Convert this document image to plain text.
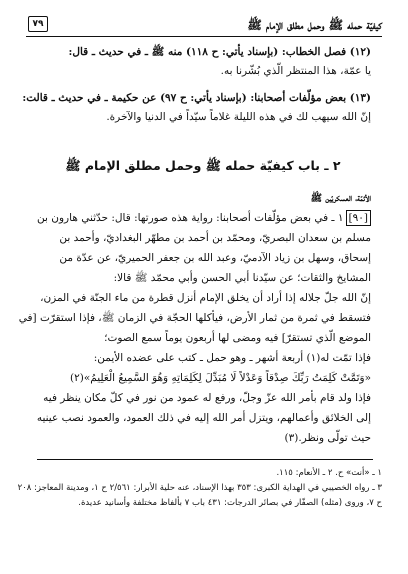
كيفيّة حمله ﷺ وحمل مطلق الإمام ﷺ
٧٩
(١٢) فصل الخطاب: (بإسناد يأتي: ح ١١٨) منه ﷺ ـ في حديث ـ قال:
يا عمّة، هذا المنتظر الّذي بُشّرنا به.
(١٣) بعض مؤلّفات أصحابنا: (بإسناد يأتي: ح ٩٧) عن حكيمة ـ في حديث ـ قالت:
إنّ الله سيهب لك في هذه الليلة غلاماً سيّداً في الدنيا والآخرة.
٢ ـ باب كيفيّة حمله ﷺ وحمل مطلق الإمام ﷺ
الأئمّة، العسكريّين ﷺ
[٩٠]١ ـ في بعض مؤلّفات أصحابنا: رواية هذه صورتها: قال: حدّثني هارون بن
مسلم بن سعدان البصريّ، ومحمّد بن أحمد بن مطهّر البغداديّ، وأحمد بن
إسحاق، وسهل بن زياد الآدميّ، وعبد الله بن جعفر الحميريّ، عن عدّة من
المشايخ والثقات؛ عن سيّدنا أبي الحسن وأبي محمّد ﷺ قالا:
إنّ الله جلّ جلاله إذا أراد أن يخلق الإمام أنزل قطرة من ماء الجنّة في المزن،
فتسقط في ثمرة من ثمار الأرض، فيأكلها الحجّة في الزمان ﷺ، فإذا استقرّت [في
الموضع الّذي تستقرّ] فيه ومضى لها أربعون يوماً سمع الصوت؛
فإذا تمّت له(١) أربعة أشهر ـ وهو حمل ـ كتب على عضده الأيمن:
«وَتَمَّتْ كَلِمَتُ رَبِّكَ صِدْقاً وَعَدْلاً لَا مُبَدِّلَ لِكَلِمَاتِهِ وَهُوَ السَّمِيعُ الْعَلِيمُ»(٢)
فإذا ولد قام بأمر الله عزّ وجلّ، ورفع له عمود من نور في كلّ مكان ينظر فيه
إلى الخلائق وأعمالهم، ويتزل أمر الله إليه في ذلك العمود، والعمود نصب عينيه
حيث تولّى ونظر.(٣)
١ ـ «أنت» ح. ٢ ـ الأنعام: ١١٥.
٣ ـ رواه الخصيبي في الهداية الكبرى: ٣٥٣ بهذا الإسناد، عنه حلية الأبرار: ٢/٥٦١ ح ١، ومدينة المعاجز: ٢٠٨
ح ٧، وروى (مثله) الصفّار في بصائر الدرجات: ٤٣١ باب ٧ بألفاظ مختلفة وأسانيد عديدة.
